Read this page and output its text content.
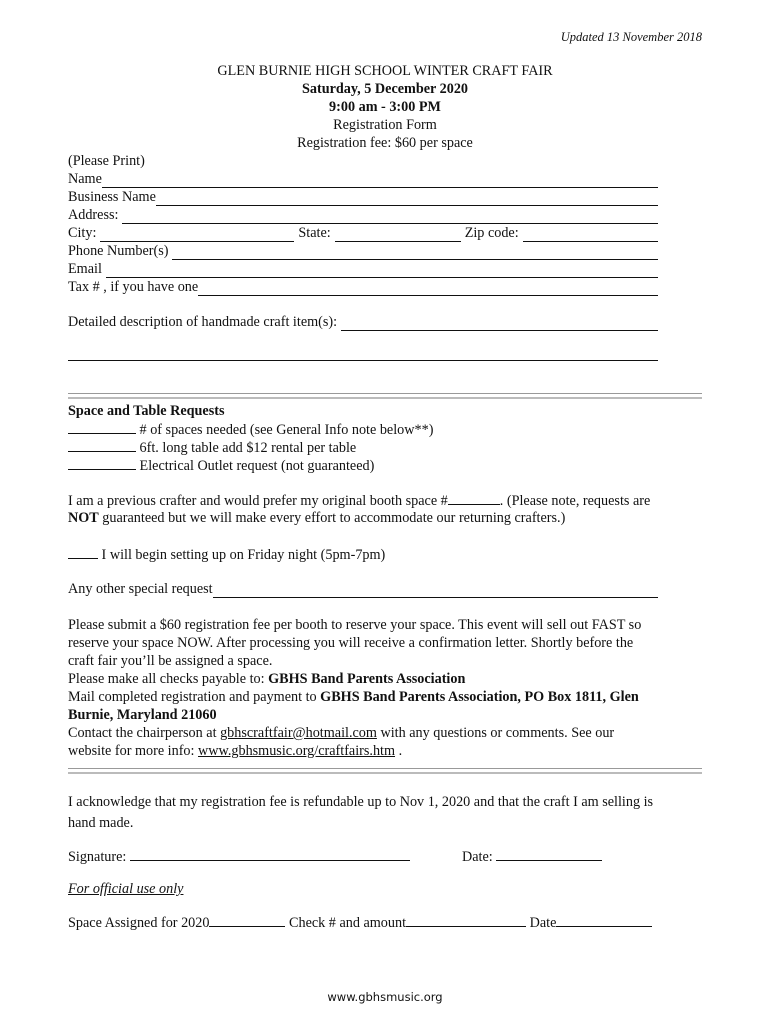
Updated 13 November 2018
GLEN BURNIE HIGH SCHOOL WINTER CRAFT FAIR
Saturday, 5 December 2020
9:00 am - 3:00 PM
Registration Form
Registration fee: $60 per space
(Please Print)
Name
Business Name
Address:
City:	State:	Zip code:
Phone Number(s)
Email
Tax # , if you have one
Detailed description of handmade craft item(s):
Space and Table Requests
# of spaces needed (see General Info note below**)
6ft. long table add $12 rental per table
Electrical Outlet request (not guaranteed)
I am a previous crafter and would prefer my original booth space #	. (Please note, requests are
NOT guaranteed but we will make every effort to accommodate our returning crafters.)
I will begin setting up on Friday night (5pm-7pm)
Any other special request
Please submit a $60 registration fee per booth to reserve your space. This event will sell out FAST so
reserve your space NOW. After processing you will receive a confirmation letter. Shortly before the
craft fair you’ll be assigned a space.
Please make all checks payable to: GBHS Band Parents Association
Mail completed registration and payment to GBHS Band Parents Association, PO Box 1811, Glen
Burnie, Maryland 21060
Contact the chairperson at gbhscraftfair@hotmail.com with any questions or comments. See our
website for more info: www.gbhsmusic.org/craftfairs.htm .
I acknowledge that my registration fee is refundable up to Nov 1, 2020 and that the craft I am selling is
hand made.
Signature:	Date:
For official use only
Space Assigned for 2020	Check # and amount	Date
www.gbhsmusic.org
